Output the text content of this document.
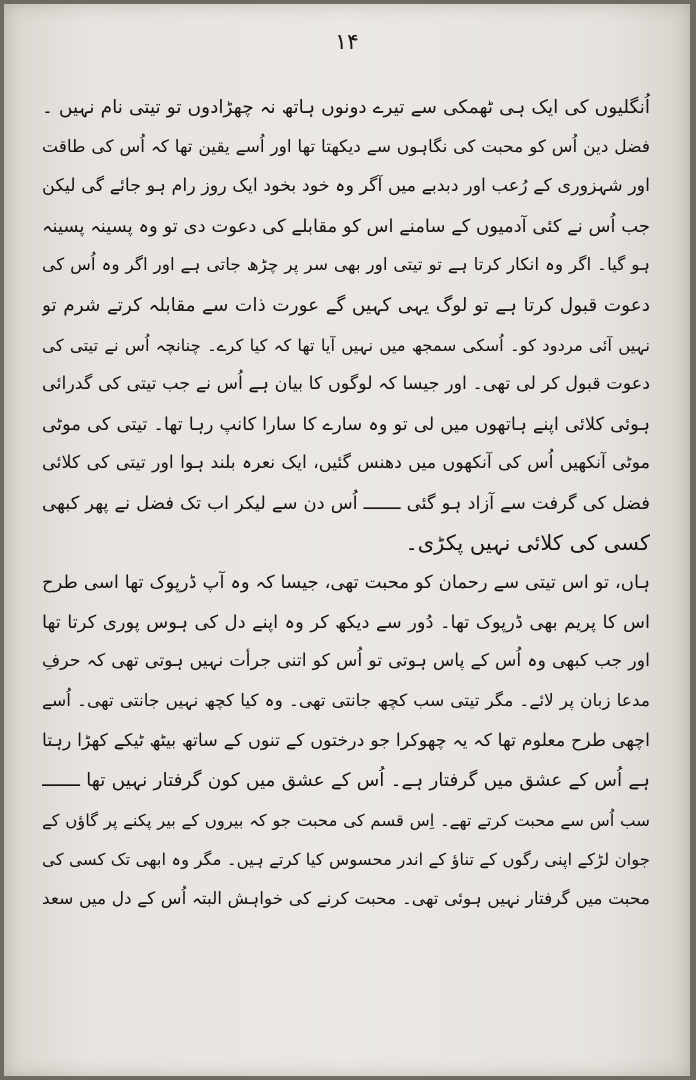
۱۴
اُنگلیوں کی ایک ہی ٹھمکی سے تیرے دونوں ہاتھ نہ چھڑادوں تو تیتی نام نہیں ۔
فضل دین اُس کو محبت کی نگاہوں سے دیکھتا تھا اور اُسے یقین تھا کہ اُس کی طاقت
اور شہزوری کے رُعب اور دبدبے میں آگر وہ خود بخود ایک روز رام ہو جائے گی لیکن
جب اُس نے کئی آدمیوں کے سامنے اس کو مقابلے کی دعوت دی تو وہ پسینہ پسینہ
ہو گیا۔ اگر وہ انکار کرتا ہے تو تیتی اور بھی سر پر چڑھ جاتی ہے اور اگر وہ اُس کی
دعوت قبول کرتا ہے تو لوگ یہی کہیں گے عورت ذات سے مقابلہ کرتے شرم تو
نہیں آئی مردود کو۔ اُسکی سمجھ میں نہیں آیا تھا کہ کیا کرے۔ چنانچہ اُس نے تیتی کی
دعوت قبول کر لی تھی۔ اور جیسا کہ لوگوں کا بیان ہے اُس نے جب تیتی کی گدرائی
ہوئی کلائی اپنے ہاتھوں میں لی تو وہ سارے کا سارا کانپ رہا تھا۔ تیتی کی موٹی
موٹی آنکھیں اُس کی آنکھوں میں دھنس گئیں، ایک نعرہ بلند ہوا اور تیتی کی کلائی
فضل کی گرفت سے آزاد ہو گئی ـــــــ اُس دن سے لیکر اب تک فضل نے پھر کبھی
کسی کی کلائی نہیں پکڑی۔
ہاں، تو اس تیتی سے رحمان کو محبت تھی، جیسا کہ وہ آپ ڈرپوک تھا اسی طرح
اس کا پریم بھی ڈرپوک تھا۔ دُور سے دیکھ کر وہ اپنے دل کی ہوس پوری کرتا تھا
اور جب کبھی وہ اُس کے پاس ہوتی تو اُس کو اتنی جرأت نہیں ہوتی تھی کہ حرفِ
مدعا زبان پر لائے۔ مگر تیتی سب کچھ جانتی تھی۔ وہ کیا کچھ نہیں جانتی تھی۔ اُسے
اچھی طرح معلوم تھا کہ یہ چھوکرا جو درختوں کے تنوں کے ساتھ بیٹھ ٹیکے کھڑا رہتا
ہے اُس کے عشق میں گرفتار ہے۔ اُس کے عشق میں کون گرفتار نہیں تھا ـــــــ
سب اُس سے محبت کرتے تھے۔ اِس قسم کی محبت جو کہ بیروں کے بیر پکنے پر گاؤں کے
جوان لڑکے اپنی رگوں کے تناؤ کے اندر محسوس کیا کرتے ہیں۔ مگر وہ ابھی تک کسی کی
محبت میں گرفتار نہیں ہوئی تھی۔ محبت کرنے کی خواہش البتہ اُس کے دل میں سعد
